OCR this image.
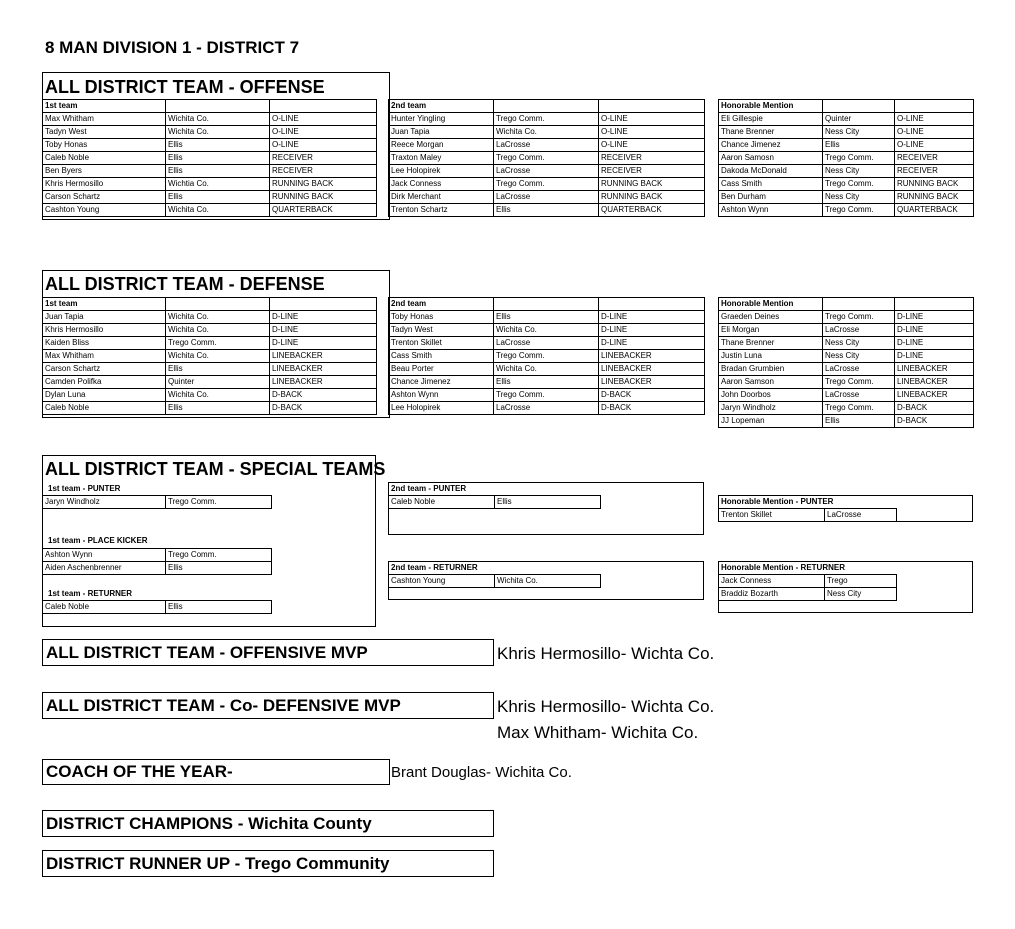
8 MAN DIVISION 1 - DISTRICT 7
ALL DISTRICT TEAM - OFFENSE
1st team		
Max Whitham	Wichita Co.	O-LINE
Tadyn West	Wichita Co.	O-LINE
Toby Honas	Ellis	O-LINE
Caleb Noble	Ellis	RECEIVER
Ben Byers	Ellis	RECEIVER
Khris Hermosillo	Wichtia Co.	RUNNING BACK
Carson Schartz	Ellis	RUNNING BACK
Cashton Young	Wichita Co.	QUARTERBACK
2nd team		
Hunter Yingling	Trego Comm.	O-LINE
Juan Tapia	Wichita Co.	O-LINE
Reece Morgan	LaCrosse	O-LINE
Traxton Maley	Trego Comm.	RECEIVER
Lee Holopirek	LaCrosse	RECEIVER
Jack Conness	Trego Comm.	RUNNING BACK
Dirk Merchant	LaCrosse	RUNNING BACK
Trenton Schartz	Ellis	QUARTERBACK
Honorable Mention		
Eli Gillespie	Quinter	O-LINE
Thane Brenner	Ness City	O-LINE
Chance Jimenez	Ellis	O-LINE
Aaron Samosn	Trego Comm.	RECEIVER
Dakoda McDonald	Ness City	RECEIVER
Cass Smith	Trego Comm.	RUNNING BACK
Ben Durham	Ness City	RUNNING BACK
Ashton Wynn	Trego Comm.	QUARTERBACK
ALL DISTRICT TEAM - DEFENSE
1st team		
Juan Tapia	Wichita Co.	D-LINE
Khris Hermosillo	Wichita Co.	D-LINE
Kaiden Bliss	Trego Comm.	D-LINE
Max Whitham	Wichita Co.	LINEBACKER
Carson Schartz	Ellis	LINEBACKER
Camden Polifka	Quinter	LINEBACKER
Dylan Luna	Wichita Co.	D-BACK
Caleb Noble	Ellis	D-BACK
2nd team		
Toby Honas	Ellis	D-LINE
Tadyn West	Wichita Co.	D-LINE
Trenton Skillet	LaCrosse	D-LINE
Cass Smith	Trego Comm.	LINEBACKER
Beau Porter	Wichita Co.	LINEBACKER
Chance Jimenez	Ellis	LINEBACKER
Ashton Wynn	Trego Comm.	D-BACK
Lee Holopirek	LaCrosse	D-BACK
Honorable Mention		
Graeden Deines	Trego Comm.	D-LINE
Eli Morgan	LaCrosse	D-LINE
Thane Brenner	Ness City	D-LINE
Justin Luna	Ness City	D-LINE
Bradan Grumbien	LaCrosse	LINEBACKER
Aaron Samson	Trego Comm.	LINEBACKER
John Doorbos	LaCrosse	LINEBACKER
Jaryn Windholz	Trego Comm.	D-BACK
JJ Lopeman	Ellis	D-BACK
ALL DISTRICT TEAM - SPECIAL TEAMS
1st team - PUNTER
Jaryn Windholz	Trego Comm.
1st team - PLACE KICKER
Ashton Wynn	Trego Comm.
Aiden Aschenbrenner	Ellis
1st team - RETURNER
Caleb Noble	Ellis
2nd team - PUNTER
Caleb Noble	Ellis
2nd team - RETURNER
Cashton Young	Wichita Co.
Honorable Mention - PUNTER
Trenton Skillet	LaCrosse
Honorable Mention - RETURNER
Jack Conness	Trego
Braddiz Bozarth	Ness City
ALL DISTRICT TEAM - OFFENSIVE MVP	Khris Hermosillo- Wichta Co.
ALL DISTRICT TEAM - Co- DEFENSIVE MVP	Khris Hermosillo- Wichta Co.
Max Whitham- Wichita Co.
COACH OF THE YEAR-	Brant Douglas- Wichita Co.
DISTRICT CHAMPIONS - Wichita County
DISTRICT RUNNER UP - Trego Community
